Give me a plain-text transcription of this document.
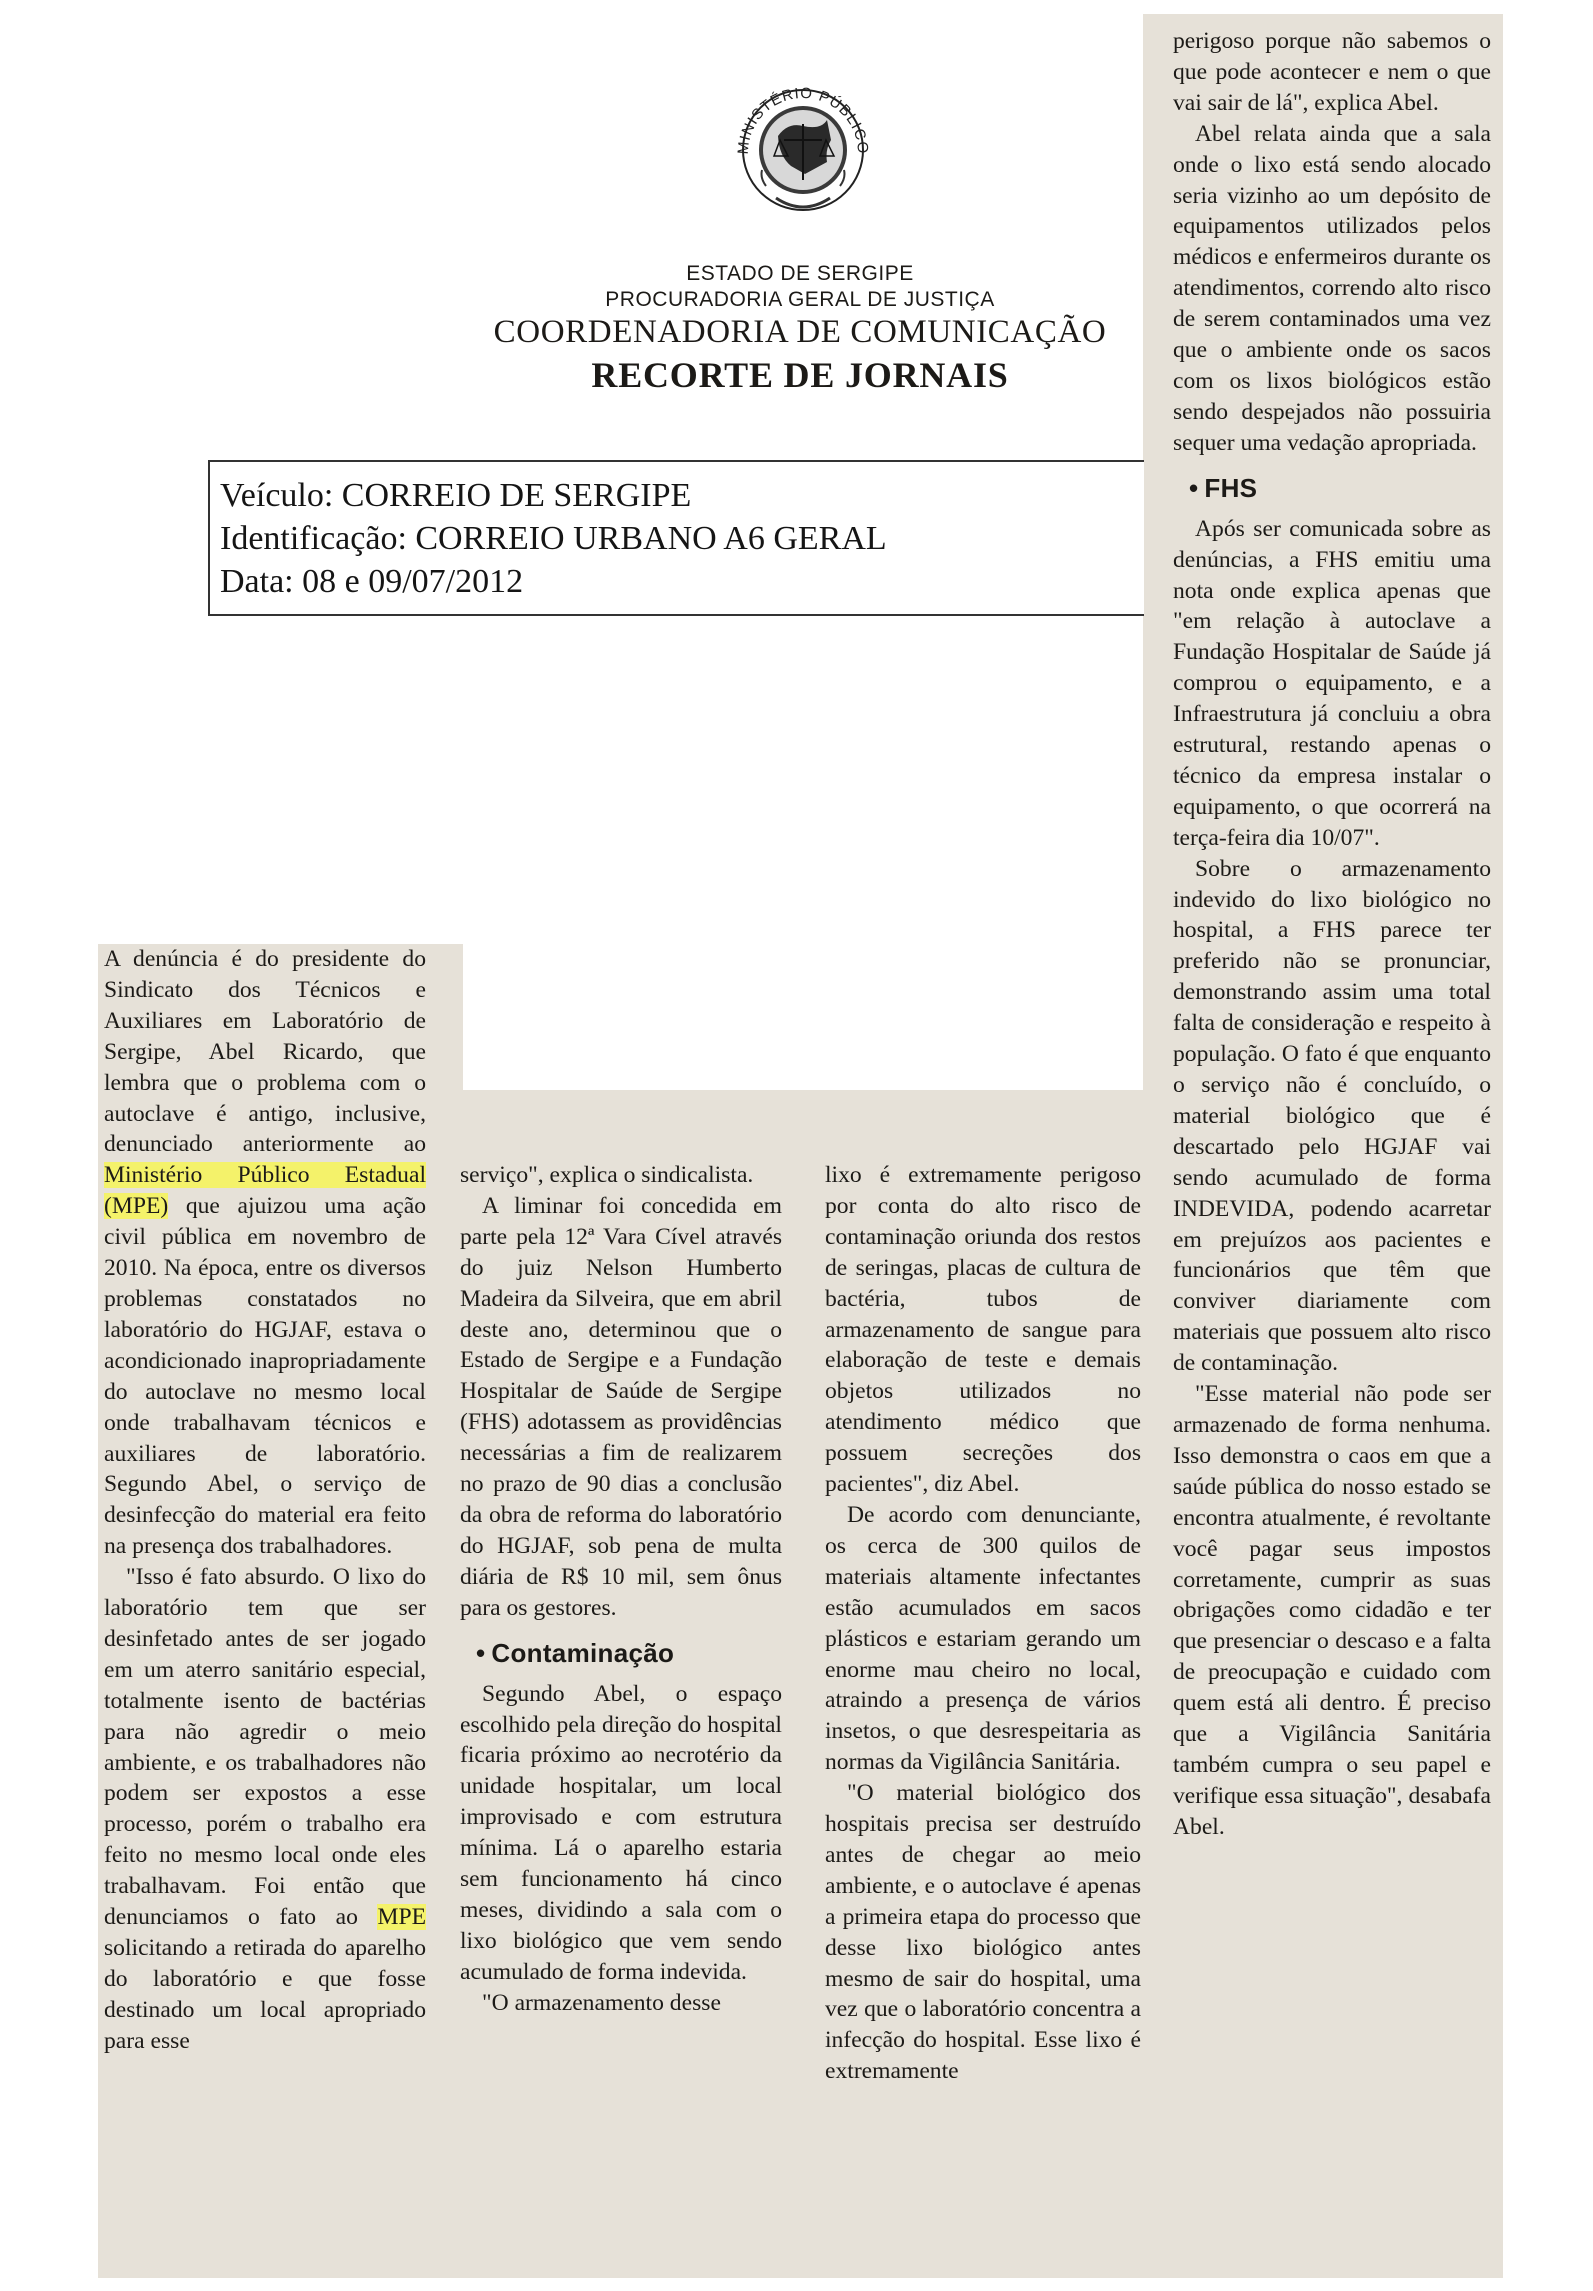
MINISTÉRIO PÚBLICO
ESTADO DE SERGIPE
PROCURADORIA GERAL DE JUSTIÇA
COORDENADORIA DE COMUNICAÇÃO
RECORTE DE JORNAIS

perigoso porque não sabemos o que pode acontecer e nem o que vai sair de lá", explica Abel.

Abel relata ainda que a sala onde o lixo está sendo alocado seria vizinho ao um depósito de equipamentos utilizados pelos médicos e enfermeiros durante os atendimentos, correndo alto risco de serem contaminados uma vez que o ambiente onde os sacos com os lixos biológicos estão sendo despejados não possuiria sequer uma vedação apropriada.

• FHS

Após ser comunicada sobre as denúncias, a FHS emitiu uma nota onde explica apenas que "em relação à autoclave a Fundação Hospitalar de Saúde já comprou o equipamento, e a Infraestrutura já concluiu a obra estrutural, restando apenas o técnico da empresa instalar o equipamento, o que ocorrerá na terça-feira dia 10/07".

Sobre o armazenamento indevido do lixo biológico no hospital, a FHS parece ter preferido não se pronunciar, demonstrando assim uma total falta de consideração e respeito à população. O fato é que enquanto o serviço não é concluído, o material biológico que é descartado pelo HGJAF vai sendo acumulado de forma INDEVIDA, podendo acarretar em prejuízos aos pacientes e funcionários que têm que conviver diariamente com materiais que possuem alto risco de contaminação.

"Esse material não pode ser armazenado de forma nenhuma. Isso demonstra o caos em que a saúde pública do nosso estado se encontra atualmente, é revoltante você pagar seus impostos corretamente, cumprir as suas obrigações como cidadão e ter que presenciar o descaso e a falta de preocupação e cuidado com quem está ali dentro. É preciso que a Vigilância Sanitária também cumpra o seu papel e verifique essa situação", desabafa Abel.

A denúncia é do presidente do Sindicato dos Técnicos e Auxiliares em Laboratório de Sergipe, Abel Ricardo, que lembra que o problema com o autoclave é antigo, inclusive, denunciado anteriormente ao Ministério Público Estadual (MPE) que ajuizou uma ação civil pública em novembro de 2010. Na época, entre os diversos problemas constatados no laboratório do HGJAF, estava o acondicionado inapropriadamente do autoclave no mesmo local onde trabalhavam técnicos e auxiliares de laboratório. Segundo Abel, o serviço de desinfecção do material era feito na presença dos trabalhadores.

"Isso é fato absurdo. O lixo do laboratório tem que ser desinfetado antes de ser jogado em um aterro sanitário especial, totalmente isento de bactérias para não agredir o meio ambiente, e os trabalhadores não podem ser expostos a esse processo, porém o trabalho era feito no mesmo local onde eles trabalhavam. Foi então que denunciamos o fato ao MPE solicitando a retirada do aparelho do laboratório e que fosse destinado um local apropriado para esse

serviço", explica o sindicalista.

A liminar foi concedida em parte pela 12ª Vara Cível através do juiz Nelson Humberto Madeira da Silveira, que em abril deste ano, determinou que o Estado de Sergipe e a Fundação Hospitalar de Saúde de Sergipe (FHS) adotassem as providências necessárias a fim de realizarem no prazo de 90 dias a conclusão da obra de reforma do laboratório do HGJAF, sob pena de multa diária de R$ 10 mil, sem ônus para os gestores.

• Contaminação

Segundo Abel, o espaço escolhido pela direção do hospital ficaria próximo ao necrotério da unidade hospitalar, um local improvisado e com estrutura mínima. Lá o aparelho estaria sem funcionamento há cinco meses, dividindo a sala com o lixo biológico que vem sendo acumulado de forma indevida.

"O armazenamento desse

lixo é extremamente perigoso por conta do alto risco de contaminação oriunda dos restos de seringas, placas de cultura de bactéria, tubos de armazenamento de sangue para elaboração de teste e demais objetos utilizados no atendimento médico que possuem secreções dos pacientes", diz Abel.

De acordo com denunciante, os cerca de 300 quilos de materiais altamente infectantes estão acumulados em sacos plásticos e estariam gerando um enorme mau cheiro no local, atraindo a presença de vários insetos, o que desrespeitaria as normas da Vigilância Sanitária.

"O material biológico dos hospitais precisa ser destruído antes de chegar ao meio ambiente, e o autoclave é apenas a primeira etapa do processo que desse lixo biológico antes mesmo de sair do hospital, uma vez que o laboratório concentra a infecção do hospital. Esse lixo é extremamente

Veículo: CORREIO DE SERGIPE
Identificação: CORREIO URBANO A6 GERAL
Data: 08 e 09/07/2012
